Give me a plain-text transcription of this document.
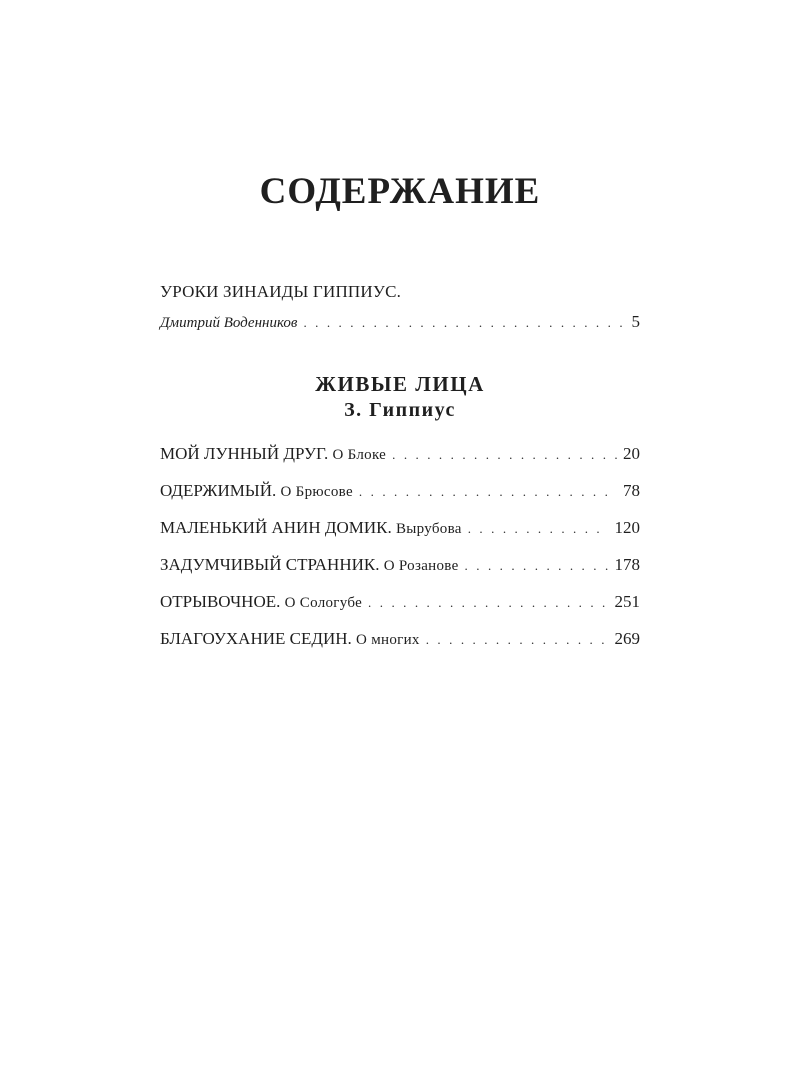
СОДЕРЖАНИЕ
УРОКИ ЗИНАИДЫ ГИППИУС.
Дмитрий Воденников . . .	5
ЖИВЫЕ ЛИЦА
З. Гиппиус
МОЙ ЛУННЫЙ ДРУГ. О Блоке . . .	20
ОДЕРЖИМЫЙ. О Брюсове . . .	78
МАЛЕНЬКИЙ АНИН ДОМИК. Вырубова . . .	120
ЗАДУМЧИВЫЙ СТРАННИК. О Розанове . . .	178
ОТРЫВОЧНОЕ. О Сологубе . . .	251
БЛАГОУХАНИЕ СЕДИН. О многих . . .	269
